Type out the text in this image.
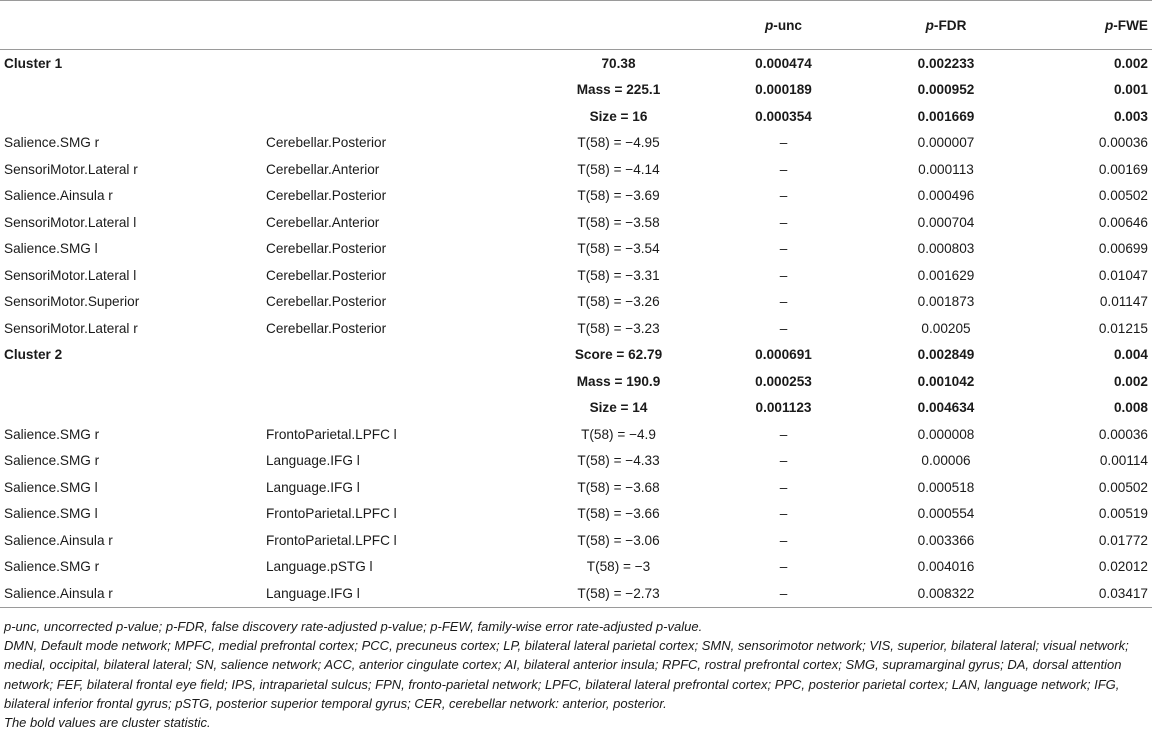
			p-unc	p-FDR	p-FWE
Cluster 1		70.38	0.000474	0.002233	0.002
		Mass = 225.1	0.000189	0.000952	0.001
		Size = 16	0.000354	0.001669	0.003
Salience.SMG r	Cerebellar.Posterior	T(58) = −4.95	–	0.000007	0.00036
SensoriMotor.Lateral r	Cerebellar.Anterior	T(58) = −4.14	–	0.000113	0.00169
Salience.Ainsula r	Cerebellar.Posterior	T(58) = −3.69	–	0.000496	0.00502
SensoriMotor.Lateral l	Cerebellar.Anterior	T(58) = −3.58	–	0.000704	0.00646
Salience.SMG l	Cerebellar.Posterior	T(58) = −3.54	–	0.000803	0.00699
SensoriMotor.Lateral l	Cerebellar.Posterior	T(58) = −3.31	–	0.001629	0.01047
SensoriMotor.Superior	Cerebellar.Posterior	T(58) = −3.26	–	0.001873	0.01147
SensoriMotor.Lateral r	Cerebellar.Posterior	T(58) = −3.23	–	0.00205	0.01215
Cluster 2		Score = 62.79	0.000691	0.002849	0.004
		Mass = 190.9	0.000253	0.001042	0.002
		Size = 14	0.001123	0.004634	0.008
Salience.SMG r	FrontoParietal.LPFC l	T(58) = −4.9	–	0.000008	0.00036
Salience.SMG r	Language.IFG l	T(58) = −4.33	–	0.00006	0.00114
Salience.SMG l	Language.IFG l	T(58) = −3.68	–	0.000518	0.00502
Salience.SMG l	FrontoParietal.LPFC l	T(58) = −3.66	–	0.000554	0.00519
Salience.Ainsula r	FrontoParietal.LPFC l	T(58) = −3.06	–	0.003366	0.01772
Salience.SMG r	Language.pSTG l	T(58) = −3	–	0.004016	0.02012
Salience.Ainsula r	Language.IFG l	T(58) = −2.73	–	0.008322	0.03417

p-unc, uncorrected p-value; p-FDR, false discovery rate-adjusted p-value; p-FEW, family-wise error rate-adjusted p-value.

DMN, Default mode network; MPFC, medial prefrontal cortex; PCC, precuneus cortex; LP, bilateral lateral parietal cortex; SMN, sensorimotor network; VIS, superior, bilateral lateral; visual network; medial, occipital, bilateral lateral; SN, salience network; ACC, anterior cingulate cortex; AI, bilateral anterior insula; RPFC, rostral prefrontal cortex; SMG, supramarginal gyrus; DA, dorsal attention network; FEF, bilateral frontal eye field; IPS, intraparietal sulcus; FPN, fronto-parietal network; LPFC, bilateral lateral prefrontal cortex; PPC, posterior parietal cortex; LAN, language network; IFG, bilateral inferior frontal gyrus; pSTG, posterior superior temporal gyrus; CER, cerebellar network: anterior, posterior.

The bold values are cluster statistic.
